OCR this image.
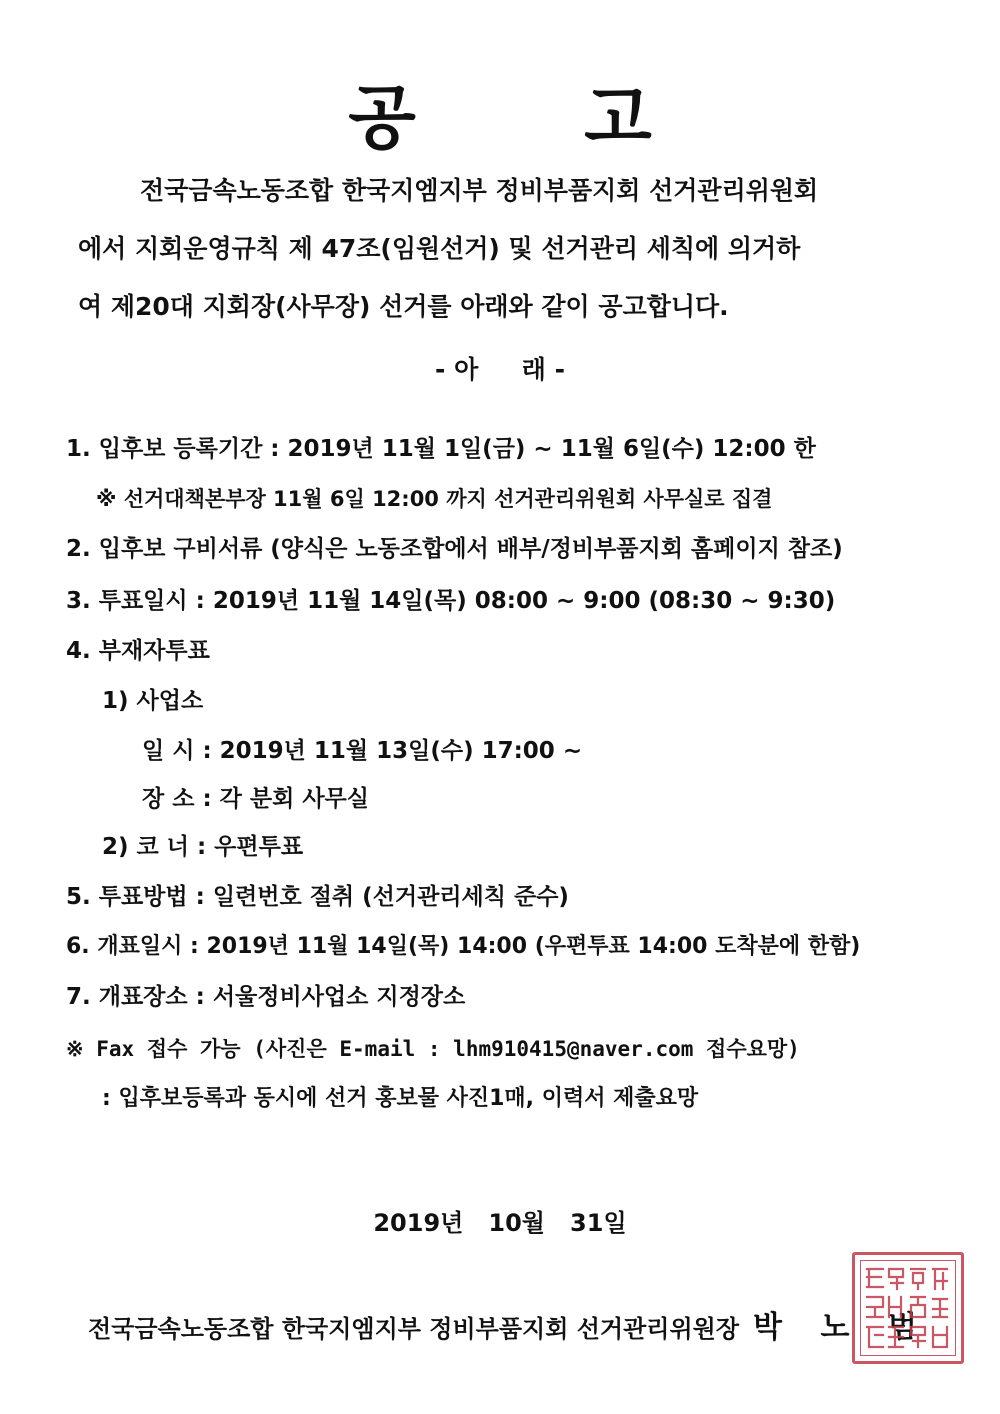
공 고
전국금속노동조합 한국지엠지부 정비부품지회 선거관리위원회
에서 지회운영규칙 제 47조(임원선거) 및 선거관리 세칙에 의거하
여 제20대 지회장(사무장) 선거를 아래와 같이 공고합니다.
- 아     래 -
1. 입후보 등록기간 : 2019년 11월 1일(금) ~ 11월 6일(수) 12:00 한
※ 선거대책본부장 11월 6일 12:00 까지 선거관리위원회 사무실로 집결
2. 입후보 구비서류 (양식은 노동조합에서 배부/정비부품지회 홈페이지 참조)
3. 투표일시 : 2019년 11월 14일(목) 08:00 ~ 9:00 (08:30 ~ 9:30)
4. 부재자투표
1) 사업소
일 시 : 2019년 11월 13일(수) 17:00 ~
장 소 : 각 분회 사무실
2) 코 너 : 우편투표
5. 투표방법 : 일련번호 절취 (선거관리세칙 준수)
6. 개표일시 : 2019년 11월 14일(목) 14:00 (우편투표 14:00 도착분에 한함)
7. 개표장소 : 서울정비사업소 지정장소
※ Fax 접수 가능 (사진은 E-mail : lhm910415@naver.com 접수요망)
: 입후보등록과 동시에 선거 홍보물 사진1매, 이력서 제출요망
2019년   10월   31일
전국금속노동조합 한국지엠지부 정비부품지회 선거관리위원장 박 노 범
